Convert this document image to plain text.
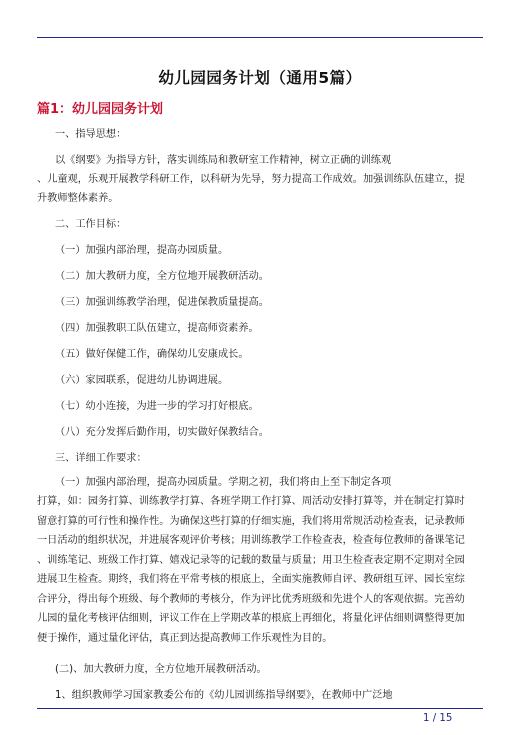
幼儿园园务计划（通用5篇）
篇1：幼儿园园务计划
一、指导思想：
以《纲要》为指导方针，落实训练局和教研室工作精神，树立正确的训练观
、儿童观，乐观开展教学科研工作，以科研为先导，努力提高工作成效。加强训练队伍建立，提
升教师整体素养。
二、工作目标：
（一）加强内部治理，提高办园质量。
（二）加大教研力度，全方位地开展教研活动。
（三）加强训练教学治理，促进保教质量提高。
（四）加强教职工队伍建立，提高师资素养。
（五）做好保健工作，确保幼儿安康成长。
（六）家园联系，促进幼儿协调进展。
（七）幼小连接，为进一步的学习打好根底。
（八）充分发挥后勤作用，切实做好保教结合。
三、详细工作要求：
（一）加强内部治理，提高办园质量。学期之初，我们将由上至下制定各项
打算，如：园务打算、训练教学打算、各班学期工作打算、周活动安排打算等，并在制定打算时
留意打算的可行性和操作性。为确保这些打算的仔细实施，我们将用常规活动检查表，记录教师
一日活动的组织状况，并进展客观评价考核；用训练教学工作检查表，检查每位教师的备课笔记
、训练笔记、班级工作打算、嬉戏记录等的记载的数量与质量；用卫生检查表定期不定期对全园
进展卫生检查。期终，我们将在平常考核的根底上，全面实施教师自评、教研组互评、园长室综
合评分，得出每个班级、每个教师的考核分，作为评比优秀班级和先进个人的客观依据。完善幼
儿园的量化考核评估细则，评议工作在上学期改革的根底上再细化，将量化评估细则调整得更加
便于操作，通过量化评估，真正到达提高教师工作乐观性为目的。
(二)、加大教研力度，全方位地开展教研活动。
1、组织教师学习国家教委公布的《幼儿园训练指导纲要》，在教师中广泛地
1 / 15
